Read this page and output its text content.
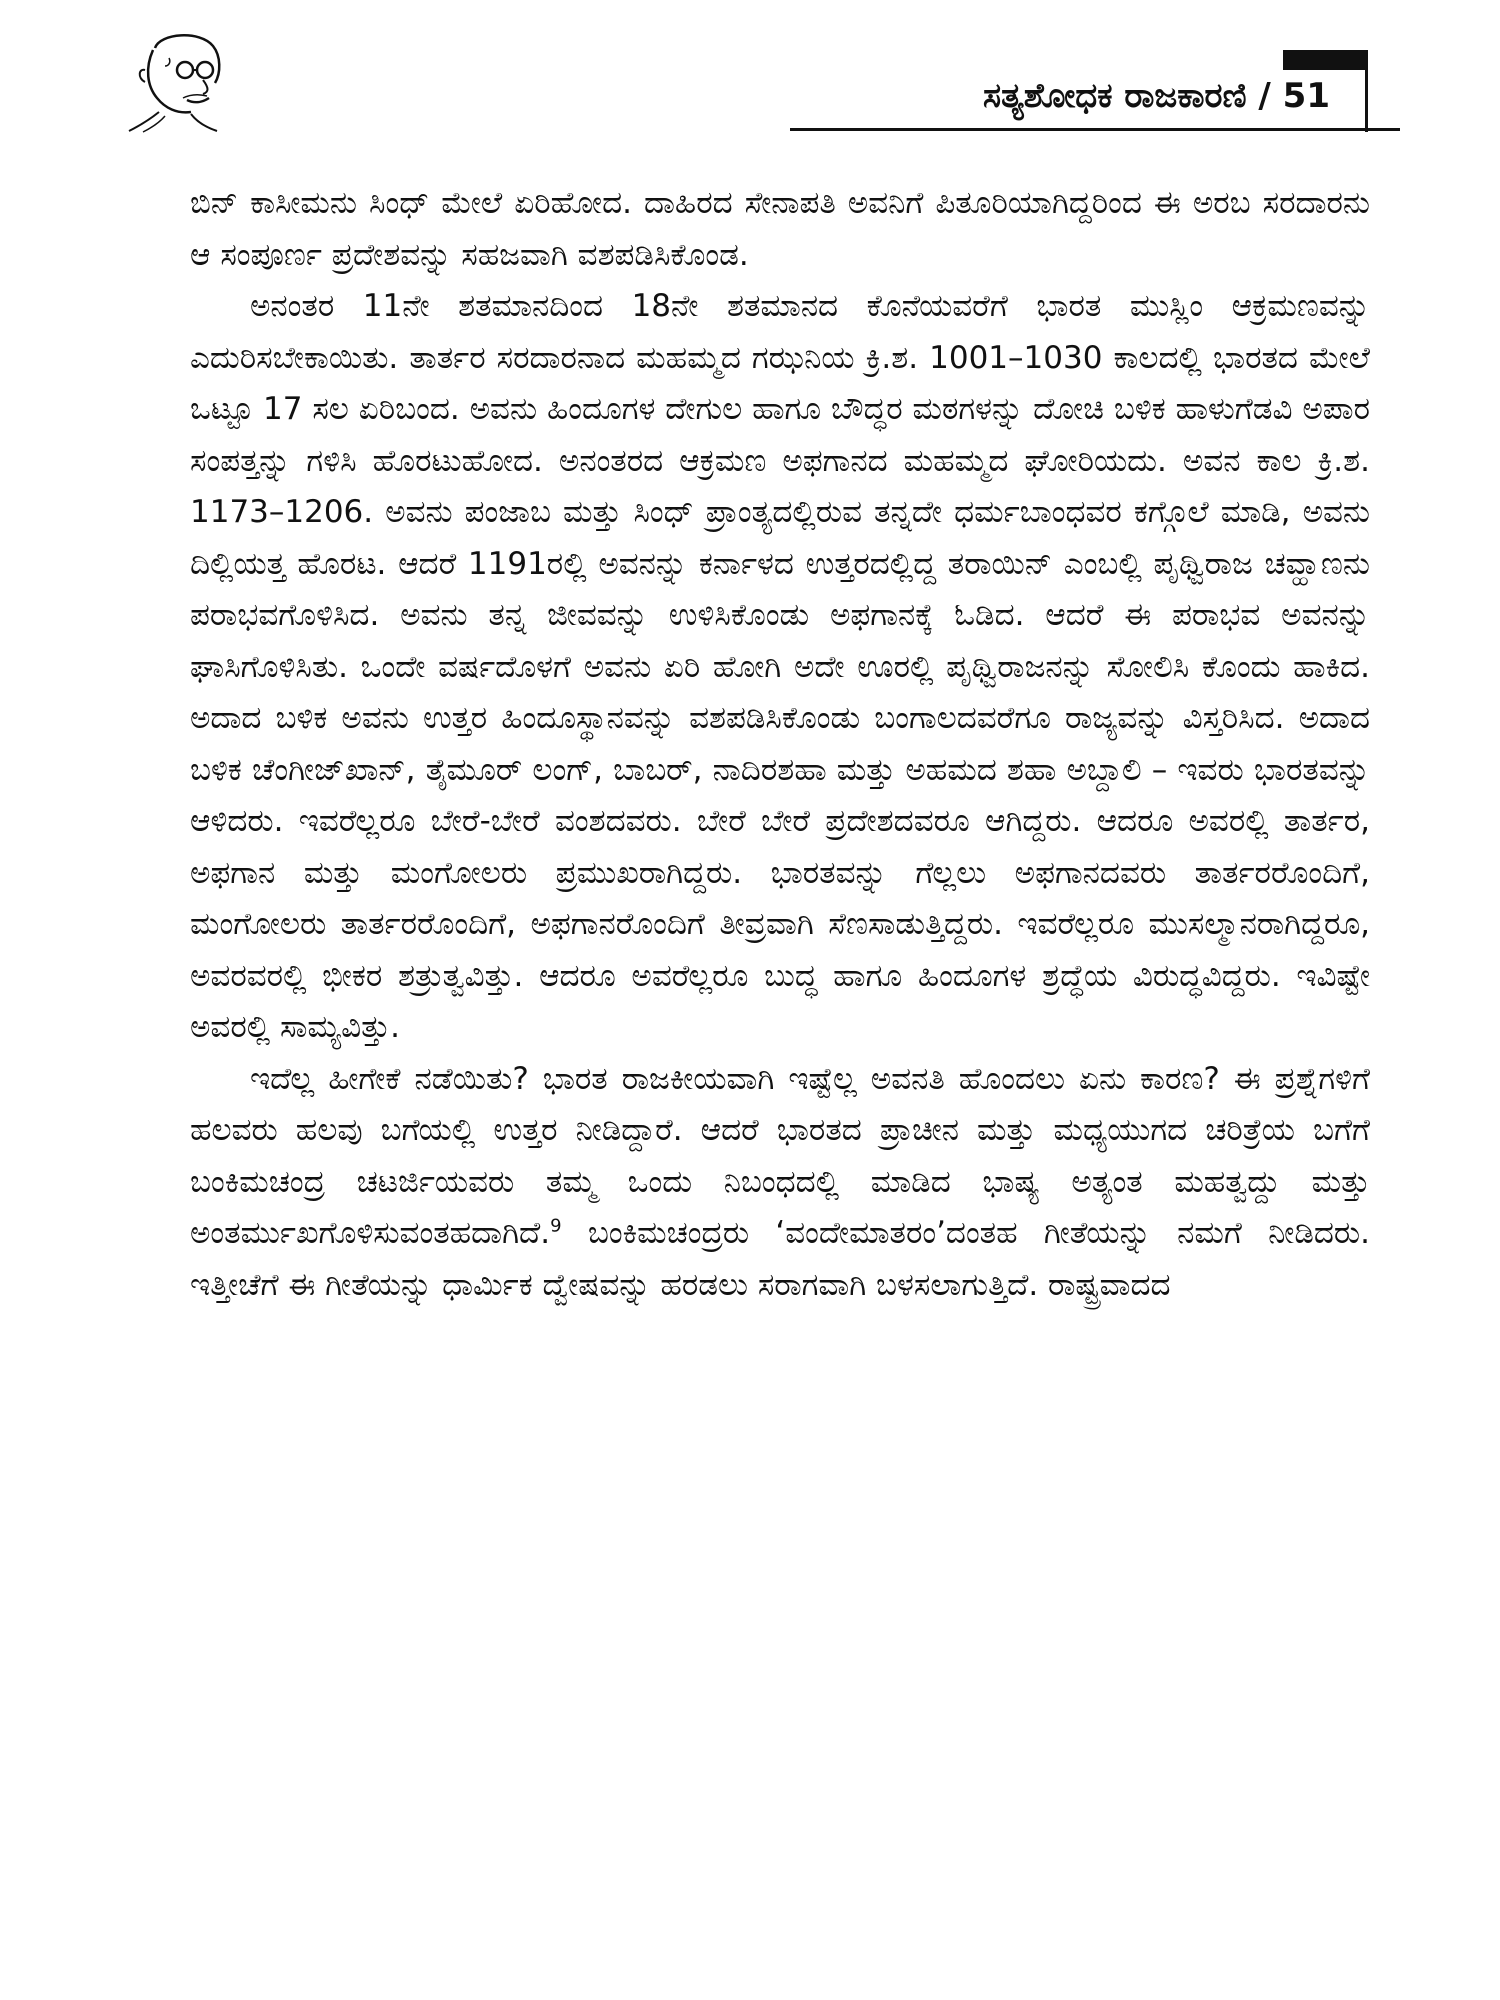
ಸತ್ಯಶೋಧಕ ರಾಜಕಾರಣಿ / 51

ಬಿನ್ ಕಾಸೀಮನು ಸಿಂಧ್ ಮೇಲೆ ಏರಿಹೋದ. ದಾಹಿರದ ಸೇನಾಪತಿ ಅವನಿಗೆ ಪಿತೂರಿಯಾಗಿದ್ದರಿಂದ ಈ ಅರಬ ಸರದಾರನು ಆ ಸಂಪೂರ್ಣ ಪ್ರದೇಶವನ್ನು ಸಹಜವಾಗಿ ವಶಪಡಿಸಿಕೊಂಡ.

ಅನಂತರ 11ನೇ ಶತಮಾನದಿಂದ 18ನೇ ಶತಮಾನದ ಕೊನೆಯವರೆಗೆ ಭಾರತ ಮುಸ್ಲಿಂ ಆಕ್ರಮಣವನ್ನು ಎದುರಿಸಬೇಕಾಯಿತು. ತಾರ್ತರ ಸರದಾರನಾದ ಮಹಮ್ಮದ ಗಝನಿಯ ಕ್ರಿ.ಶ. 1001–1030 ಕಾಲದಲ್ಲಿ ಭಾರತದ ಮೇಲೆ ಒಟ್ಟೂ 17 ಸಲ ಏರಿಬಂದ. ಅವನು ಹಿಂದೂಗಳ ದೇಗುಲ ಹಾಗೂ ಬೌದ್ಧರ ಮಠಗಳನ್ನು ದೋಚಿ ಬಳಿಕ ಹಾಳುಗೆಡವಿ ಅಪಾರ ಸಂಪತ್ತನ್ನು ಗಳಿಸಿ ಹೊರಟುಹೋದ. ಅನಂತರದ ಆಕ್ರಮಣ ಅಫಗಾನದ ಮಹಮ್ಮದ ಘೋರಿಯದು. ಅವನ ಕಾಲ ಕ್ರಿ.ಶ. 1173–1206. ಅವನು ಪಂಜಾಬ ಮತ್ತು ಸಿಂಧ್ ಪ್ರಾಂತ್ಯದಲ್ಲಿರುವ ತನ್ನದೇ ಧರ್ಮಬಾಂಧವರ ಕಗ್ಗೊಲೆ ಮಾಡಿ, ಅವನು ದಿಲ್ಲಿಯತ್ತ ಹೊರಟ. ಆದರೆ 1191ರಲ್ಲಿ ಅವನನ್ನು ಕರ್ನಾಳದ ಉತ್ತರದಲ್ಲಿದ್ದ ತರಾಯಿನ್ ಎಂಬಲ್ಲಿ ಪೃಥ್ವಿರಾಜ ಚವ್ಹಾಣನು ಪರಾಭವಗೊಳಿಸಿದ. ಅವನು ತನ್ನ ಜೀವವನ್ನು ಉಳಿಸಿಕೊಂಡು ಅಫಗಾನಕ್ಕೆ ಓಡಿದ. ಆದರೆ ಈ ಪರಾಭವ ಅವನನ್ನು ಘಾಸಿಗೊಳಿಸಿತು. ಒಂದೇ ವರ್ಷದೊಳಗೆ ಅವನು ಏರಿ ಹೋಗಿ ಅದೇ ಊರಲ್ಲಿ ಪೃಥ್ವಿರಾಜನನ್ನು ಸೋಲಿಸಿ ಕೊಂದು ಹಾಕಿದ. ಅದಾದ ಬಳಿಕ ಅವನು ಉತ್ತರ ಹಿಂದೂಸ್ಥಾನವನ್ನು ವಶಪಡಿಸಿಕೊಂಡು ಬಂಗಾಲದವರೆಗೂ ರಾಜ್ಯವನ್ನು ವಿಸ್ತರಿಸಿದ. ಅದಾದ ಬಳಿಕ ಚೆಂಗೀಜ್‌ಖಾನ್, ತೈಮೂರ್ ಲಂಗ್, ಬಾಬರ್, ನಾದಿರಶಹಾ ಮತ್ತು ಅಹಮದ ಶಹಾ ಅಬ್ದಾಲಿ – ಇವರು ಭಾರತವನ್ನು ಆಳಿದರು. ಇವರೆಲ್ಲರೂ ಬೇರೆ-ಬೇರೆ ವಂಶದವರು. ಬೇರೆ ಬೇರೆ ಪ್ರದೇಶದವರೂ ಆಗಿದ್ದರು. ಆದರೂ ಅವರಲ್ಲಿ ತಾರ್ತರ, ಅಫಗಾನ ಮತ್ತು ಮಂಗೋಲರು ಪ್ರಮುಖರಾಗಿದ್ದರು. ಭಾರತವನ್ನು ಗೆಲ್ಲಲು ಅಫಗಾನದವರು ತಾರ್ತರರೊಂದಿಗೆ, ಮಂಗೋಲರು ತಾರ್ತರರೊಂದಿಗೆ, ಅಫಗಾನರೊಂದಿಗೆ ತೀವ್ರವಾಗಿ ಸೆಣಸಾಡುತ್ತಿದ್ದರು. ಇವರೆಲ್ಲರೂ ಮುಸಲ್ಮಾನರಾಗಿದ್ದರೂ, ಅವರವರಲ್ಲಿ ಭೀಕರ ಶತ್ರುತ್ವವಿತ್ತು. ಆದರೂ ಅವರೆಲ್ಲರೂ ಬುದ್ಧ ಹಾಗೂ ಹಿಂದೂಗಳ ಶ್ರದ್ಧೆಯ ವಿರುದ್ಧವಿದ್ದರು. ಇವಿಷ್ಟೇ ಅವರಲ್ಲಿ ಸಾಮ್ಯವಿತ್ತು.

ಇದೆಲ್ಲ ಹೀಗೇಕೆ ನಡೆಯಿತು? ಭಾರತ ರಾಜಕೀಯವಾಗಿ ಇಷ್ಟೆಲ್ಲ ಅವನತಿ ಹೊಂದಲು ಏನು ಕಾರಣ? ಈ ಪ್ರಶ್ನೆಗಳಿಗೆ ಹಲವರು ಹಲವು ಬಗೆಯಲ್ಲಿ ಉತ್ತರ ನೀಡಿದ್ದಾರೆ. ಆದರೆ ಭಾರತದ ಪ್ರಾಚೀನ ಮತ್ತು ಮಧ್ಯಯುಗದ ಚರಿತ್ರೆಯ ಬಗೆಗೆ ಬಂಕಿಮಚಂದ್ರ ಚಟರ್ಜಿಯವರು ತಮ್ಮ ಒಂದು ನಿಬಂಧದಲ್ಲಿ ಮಾಡಿದ ಭಾಷ್ಯ ಅತ್ಯಂತ ಮಹತ್ವದ್ದು ಮತ್ತು ಅಂತರ್ಮುಖಗೊಳಿಸುವಂತಹದಾಗಿದೆ.$^9$ ಬಂಕಿಮಚಂದ್ರರು ‘ವಂದೇಮಾತರಂ’ದಂತಹ ಗೀತೆಯನ್ನು ನಮಗೆ ನೀಡಿದರು. ಇತ್ತೀಚೆಗೆ ಈ ಗೀತೆಯನ್ನು ಧಾರ್ಮಿಕ ದ್ವೇಷವನ್ನು ಹರಡಲು ಸರಾಗವಾಗಿ ಬಳಸಲಾಗುತ್ತಿದೆ. ರಾಷ್ಟ್ರವಾದದ
